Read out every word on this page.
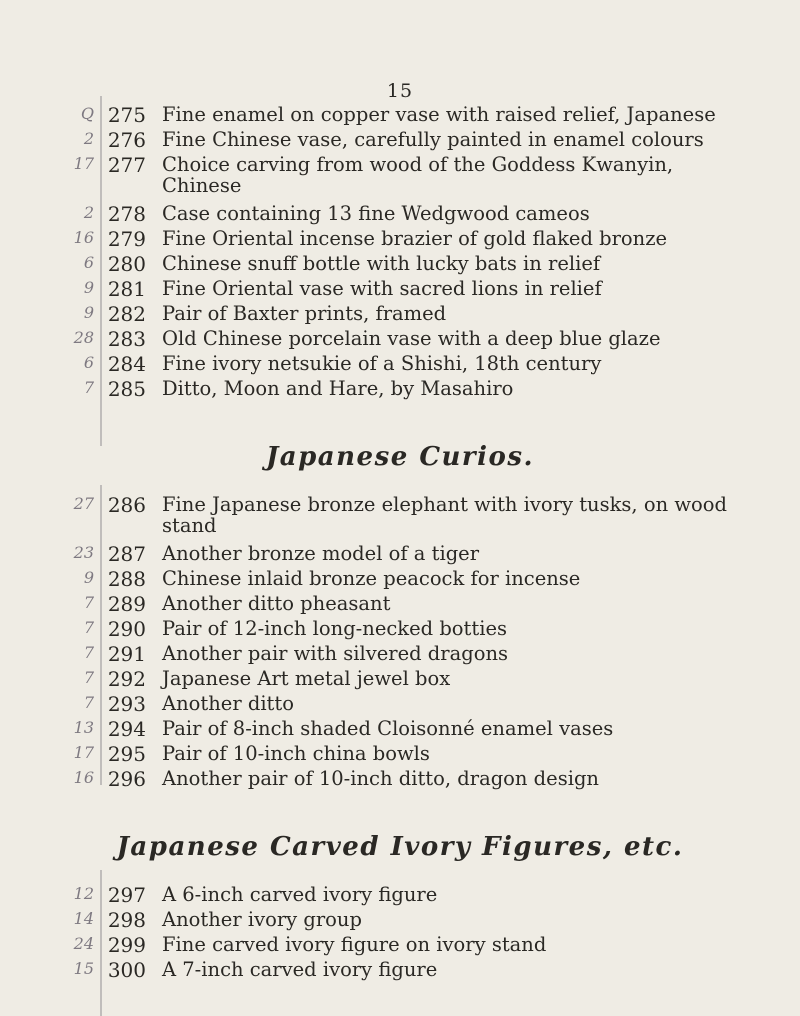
15
Q 275 Fine enamel on copper vase with raised relief, Japanese
2 276 Fine Chinese vase, carefully painted in enamel colours
17 277 Choice carving from wood of the Goddess Kwanyin,
Chinese
2 278 Case containing 13 fine Wedgwood cameos
16 279 Fine Oriental incense brazier of gold flaked bronze
6 280 Chinese snuff bottle with lucky bats in relief
9 281 Fine Oriental vase with sacred lions in relief
9 282 Pair of Baxter prints, framed
28 283 Old Chinese porcelain vase with a deep blue glaze
6 284 Fine ivory netsukie of a Shishi, 18th century
7 285 Ditto, Moon and Hare, by Masahiro
Japanese Curios.
27 286 Fine Japanese bronze elephant with ivory tusks, on wood
stand
23 287 Another bronze model of a tiger
9 288 Chinese inlaid bronze peacock for incense
7 289 Another ditto pheasant
7 290 Pair of 12-inch long-necked botties
7 291 Another pair with silvered dragons
7 292 Japanese Art metal jewel box
7 293 Another ditto
13 294 Pair of 8-inch shaded Cloisonné enamel vases
17 295 Pair of 10-inch china bowls
16 296 Another pair of 10-inch ditto, dragon design
Japanese Carved Ivory Figures, etc.
12 297 A 6-inch carved ivory figure
14 298 Another ivory group
24 299 Fine carved ivory figure on ivory stand
15 300 A 7-inch carved ivory figure
